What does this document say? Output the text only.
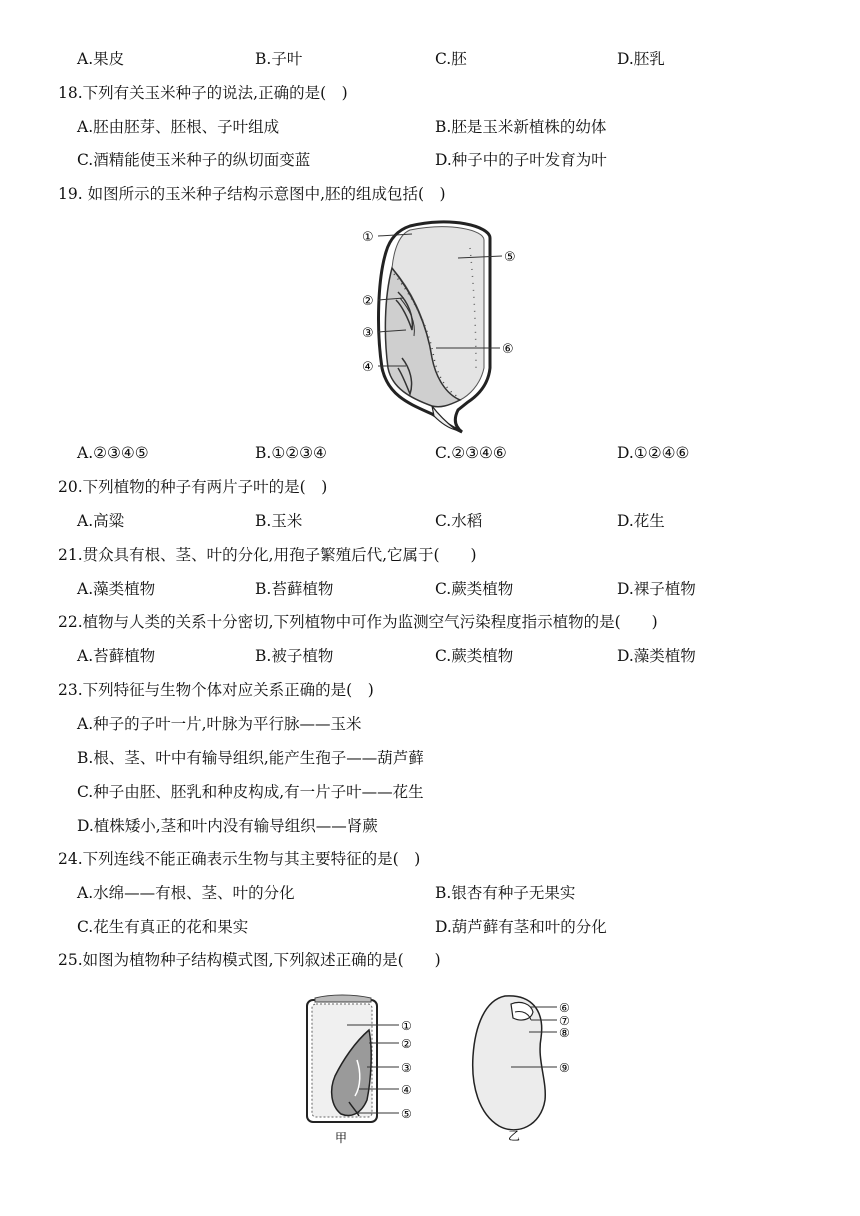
A.果皮	B.子叶	C.胚	D.胚乳
18.下列有关玉米种子的说法,正确的是(　)
A.胚由胚芽、胚根、子叶组成	B.胚是玉米新植株的幼体
C.酒精能使玉米种子的纵切面变蓝	D.种子中的子叶发育为叶
19. 如图所示的玉米种子结构示意图中,胚的组成包括(　)
①
②
③
④
⑤
⑥
A.②③④⑤	B.①②③④	C.②③④⑥	D.①②④⑥
20.下列植物的种子有两片子叶的是(　)
A.高粱	B.玉米	C.水稻	D.花生
21.贯众具有根、茎、叶的分化,用孢子繁殖后代,它属于(　　)
A.藻类植物	B.苔藓植物	C.蕨类植物	D.裸子植物
22.植物与人类的关系十分密切,下列植物中可作为监测空气污染程度指示植物的是(　　)
A.苔藓植物	B.被子植物	C.蕨类植物	D.藻类植物
23.下列特征与生物个体对应关系正确的是(　)
A.种子的子叶一片,叶脉为平行脉——玉米
B.根、茎、叶中有输导组织,能产生孢子——葫芦藓
C.种子由胚、胚乳和种皮构成,有一片子叶——花生
D.植株矮小,茎和叶内没有输导组织——肾蕨
24.下列连线不能正确表示生物与其主要特征的是(　)
A.水绵——有根、茎、叶的分化	B.银杏有种子无果实
C.花生有真正的花和果实	D.葫芦藓有茎和叶的分化
25.如图为植物种子结构模式图,下列叙述正确的是(　　)
①
②
③
④
⑤
甲
⑥
⑦
⑧
⑨
乙
